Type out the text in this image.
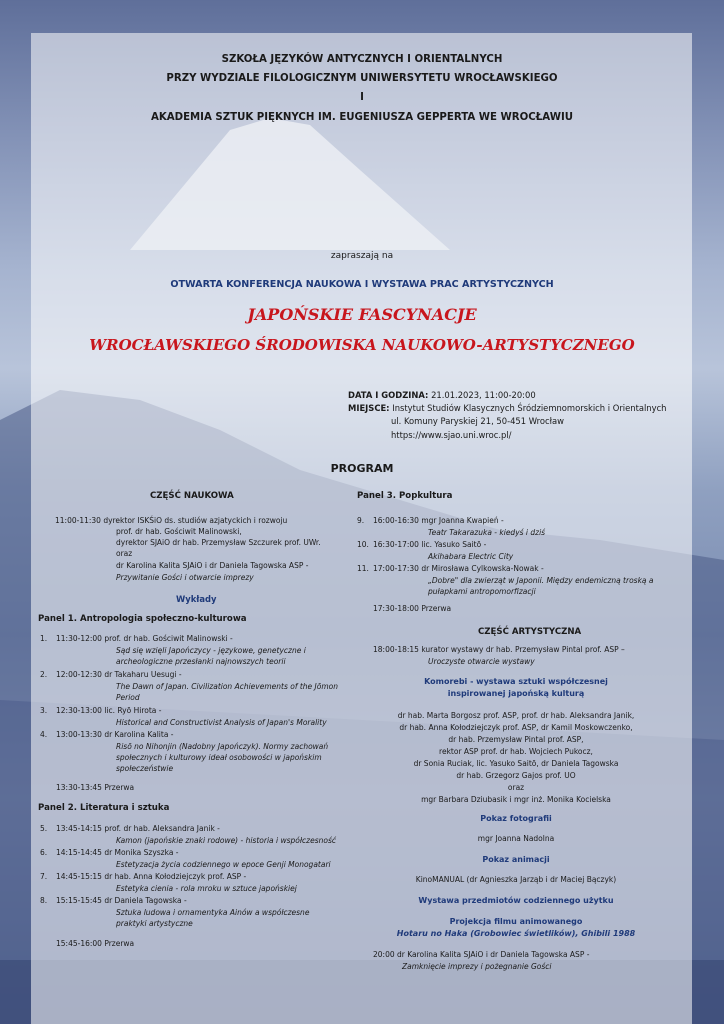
SZKOŁA JĘZYKÓW ANTYCZNYCH I ORIENTALNYCH
PRZY WYDZIALE FILOLOGICZNYM UNIWERSYTETU WROCŁAWSKIEGO
I
AKADEMIA SZTUK PIĘKNYCH IM. EUGENIUSZA GEPPERTA WE WROCŁAWIU
zapraszają na
OTWARTA KONFERENCJA NAUKOWA I WYSTAWA PRAC ARTYSTYCZNYCH
JAPOŃSKIE FASCYNACJE
WROCŁAWSKIEGO ŚRODOWISKA NAUKOWO-ARTYSTYCZNEGO
DATA I GODZINA: 21.01.2023, 11:00-20:00
MIEJSCE: Instytut Studiów Klasycznych Śródziemnomorskich i Orientalnych
ul. Komuny Paryskiej 21, 50-451 Wrocław
https://www.sjao.uni.wroc.pl/
PROGRAM
CZĘŚĆ NAUKOWA
11:00-11:30 dyrektor ISKŚiO ds. studiów azjatyckich i rozwoju
prof. dr hab. Gościwit Malinowski,
dyrektor SJAiO dr hab. Przemysław Szczurek prof. UWr.
oraz
dr Karolina Kalita SJAiO i dr Daniela Tagowska ASP -
Przywitanie Gości i otwarcie imprezy
Wykłady
Panel 1. Antropologia społeczno-kulturowa
1. 11:30-12:00 prof. dr hab. Gościwit Malinowski -
Sąd się wzięli Japończycy - językowe, genetyczne i
archeologiczne przesłanki najnowszych teorii
2. 12:00-12:30 dr Takaharu Uesugi -
The Dawn of Japan. Civilization Achievements of the Jōmon
Period
3. 12:30-13:00 lic. Ryō Hirota -
Historical and Constructivist Analysis of Japan's Morality
4. 13:00-13:30 dr Karolina Kalita -
Risō no Nihonjin (Nadobny Japończyk). Normy zachowań
społecznych i kulturowy ideał osobowości w japońskim
społeczeństwie
13:30-13:45 Przerwa
Panel 2. Literatura i sztuka
5. 13:45-14:15 prof. dr hab. Aleksandra Janik -
Kamon (japońskie znaki rodowe) - historia i współczesność
6. 14:15-14:45 dr Monika Szyszka -
Estetyzacja życia codziennego w epoce Genji Monogatari
7. 14:45-15:15 dr hab. Anna Kołodziejczyk prof. ASP -
Estetyka cienia - rola mroku w sztuce japońskiej
8. 15:15-15:45 dr Daniela Tagowska -
Sztuka ludowa i ornamentyka Ainów a współczesne
praktyki artystyczne
15:45-16:00 Przerwa
Panel 3. Popkultura
9. 16:00-16:30 mgr Joanna Kwapień -
Teatr Takarazuka - kiedyś i dziś
10. 16:30-17:00 lic. Yasuko Saitō -
Akihabara Electric City
11. 17:00-17:30 dr Mirosława Cylkowska-Nowak -
„Dobre" dla zwierząt w Japonii. Między endemiczną troską a
pułapkami antropomorfizacji
17:30-18:00 Przerwa
CZĘŚĆ ARTYSTYCZNA
18:00-18:15 kurator wystawy dr hab. Przemysław Pintal prof. ASP –
Uroczyste otwarcie wystawy
Komorebi - wystawa sztuki współczesnej
inspirowanej japońską kulturą
dr hab. Marta Borgosz prof. ASP, prof. dr hab. Aleksandra Janik,
dr hab. Anna Kołodziejczyk prof. ASP, dr Kamil Moskowczenko,
dr hab. Przemysław Pintal prof. ASP,
rektor ASP prof. dr hab. Wojciech Pukocz,
dr Sonia Ruciak, lic. Yasuko Saitō, dr Daniela Tagowska
dr hab. Grzegorz Gajos prof. UO
oraz
mgr Barbara Dziubasik i mgr inż. Monika Kocielska
Pokaz fotografii
mgr Joanna Nadolna
Pokaz animacji
KinoMANUAL (dr Agnieszka Jarząb i dr Maciej Bączyk)
Wystawa przedmiotów codziennego użytku
Projekcja filmu animowanego
Hotaru no Haka (Grobowiec świetlików), Ghibili 1988
20:00 dr Karolina Kalita SJAiO i dr Daniela Tagowska ASP -
Zamknięcie imprezy i pożegnanie Gości
